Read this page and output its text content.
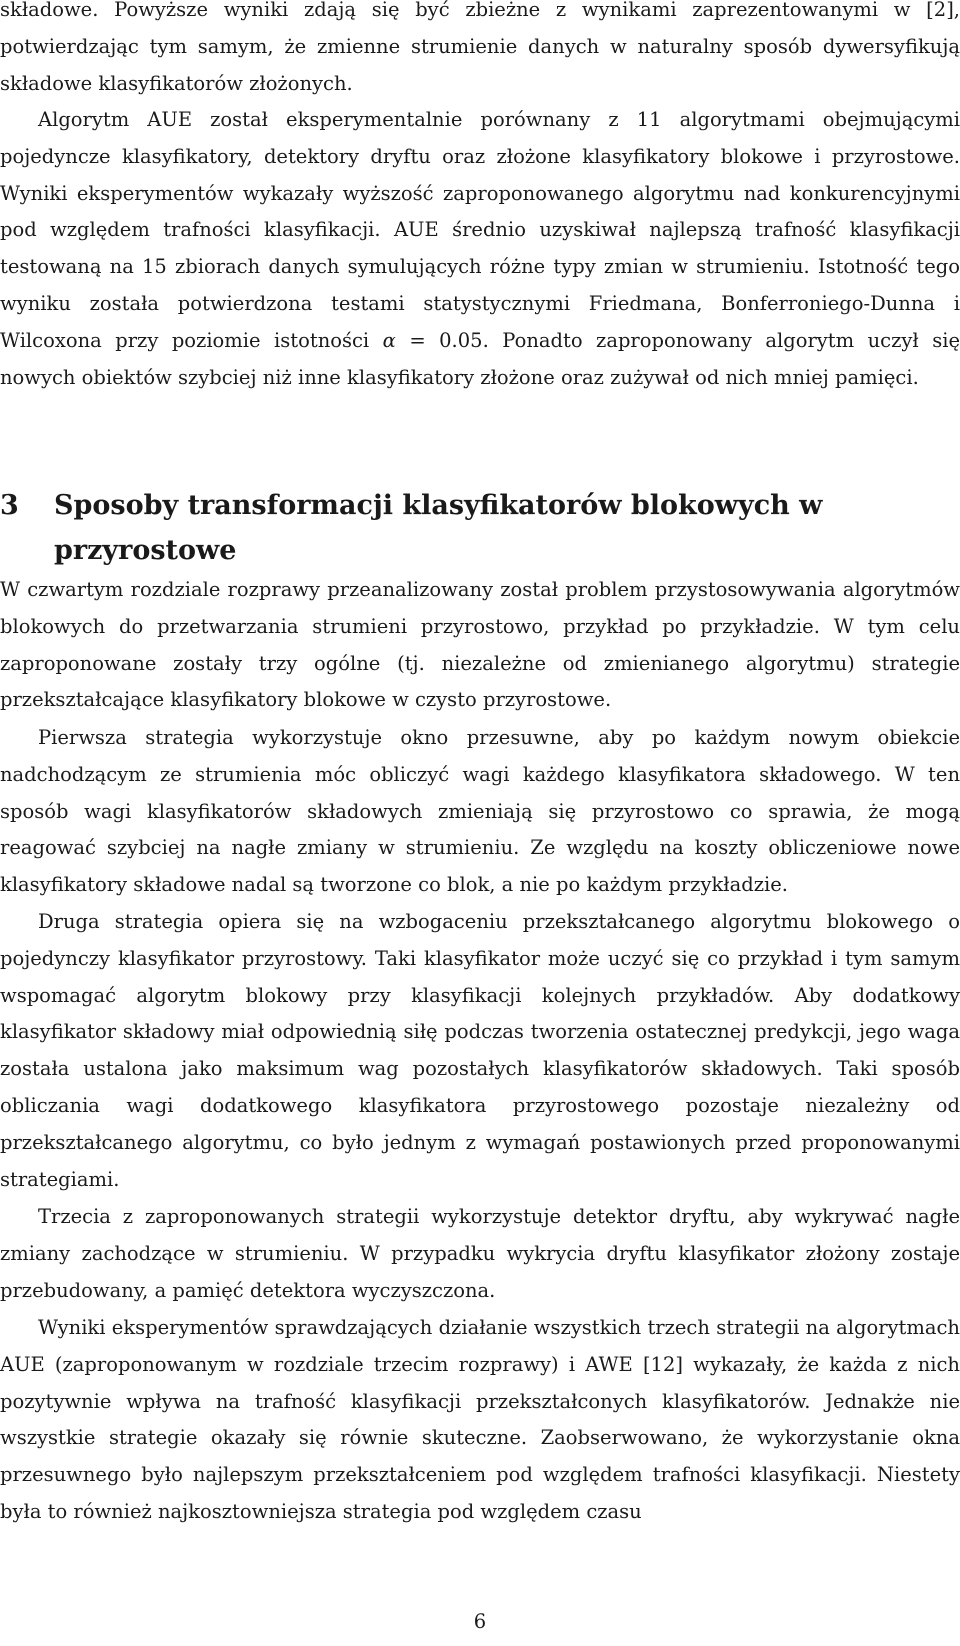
składowe. Powyższe wyniki zdają się być zbieżne z wynikami zaprezentowanymi w [2], potwierdzając tym samym, że zmienne strumienie danych w naturalny sposób dywersyfikują składowe klasyfikatorów złożonych.

Algorytm AUE został eksperymentalnie porównany z 11 algorytmami obejmującymi pojedyncze klasyfikatory, detektory dryftu oraz złożone klasyfikatory blokowe i przyrostowe. Wyniki eksperymentów wykazały wyższość zaproponowanego algorytmu nad konkurencyjnymi pod względem trafności klasyfikacji. AUE średnio uzyskiwał najlepszą trafność klasyfikacji testowaną na 15 zbiorach danych symulujących różne typy zmian w strumieniu. Istotność tego wyniku została potwierdzona testami statystycznymi Friedmana, Bonferroniego-Dunna i Wilcoxona przy poziomie istotności α = 0.05. Ponadto zaproponowany algorytm uczył się nowych obiektów szybciej niż inne klasyfikatory złożone oraz zużywał od nich mniej pamięci.

3 Sposoby transformacji klasyfikatorów blokowych w przyrostowe

W czwartym rozdziale rozprawy przeanalizowany został problem przystosowywania algorytmów blokowych do przetwarzania strumieni przyrostowo, przykład po przykładzie. W tym celu zaproponowane zostały trzy ogólne (tj. niezależne od zmienianego algorytmu) strategie przekształcające klasyfikatory blokowe w czysto przyrostowe.

Pierwsza strategia wykorzystuje okno przesuwne, aby po każdym nowym obiekcie nadchodzącym ze strumienia móc obliczyć wagi każdego klasyfikatora składowego. W ten sposób wagi klasyfikatorów składowych zmieniają się przyrostowo co sprawia, że mogą reagować szybciej na nagłe zmiany w strumieniu. Ze względu na koszty obliczeniowe nowe klasyfikatory składowe nadal są tworzone co blok, a nie po każdym przykładzie.

Druga strategia opiera się na wzbogaceniu przekształcanego algorytmu blokowego o pojedynczy klasyfikator przyrostowy. Taki klasyfikator może uczyć się co przykład i tym samym wspomagać algorytm blokowy przy klasyfikacji kolejnych przykładów. Aby dodatkowy klasyfikator składowy miał odpowiednią siłę podczas tworzenia ostatecznej predykcji, jego waga została ustalona jako maksimum wag pozostałych klasyfikatorów składowych. Taki sposób obliczania wagi dodatkowego klasyfikatora przyrostowego pozostaje niezależny od przekształcanego algorytmu, co było jednym z wymagań postawionych przed proponowanymi strategiami.

Trzecia z zaproponowanych strategii wykorzystuje detektor dryftu, aby wykrywać nagłe zmiany zachodzące w strumieniu. W przypadku wykrycia dryftu klasyfikator złożony zostaje przebudowany, a pamięć detektora wyczyszczona.

Wyniki eksperymentów sprawdzających działanie wszystkich trzech strategii na algorytmach AUE (zaproponowanym w rozdziale trzecim rozprawy) i AWE [12] wykazały, że każda z nich pozytywnie wpływa na trafność klasyfikacji przekształconych klasyfikatorów. Jednakże nie wszystkie strategie okazały się równie skuteczne. Zaobserwowano, że wykorzystanie okna przesuwnego było najlepszym przekształceniem pod względem trafności klasyfikacji. Niestety była to również najkosztowniejsza strategia pod względem czasu

6
